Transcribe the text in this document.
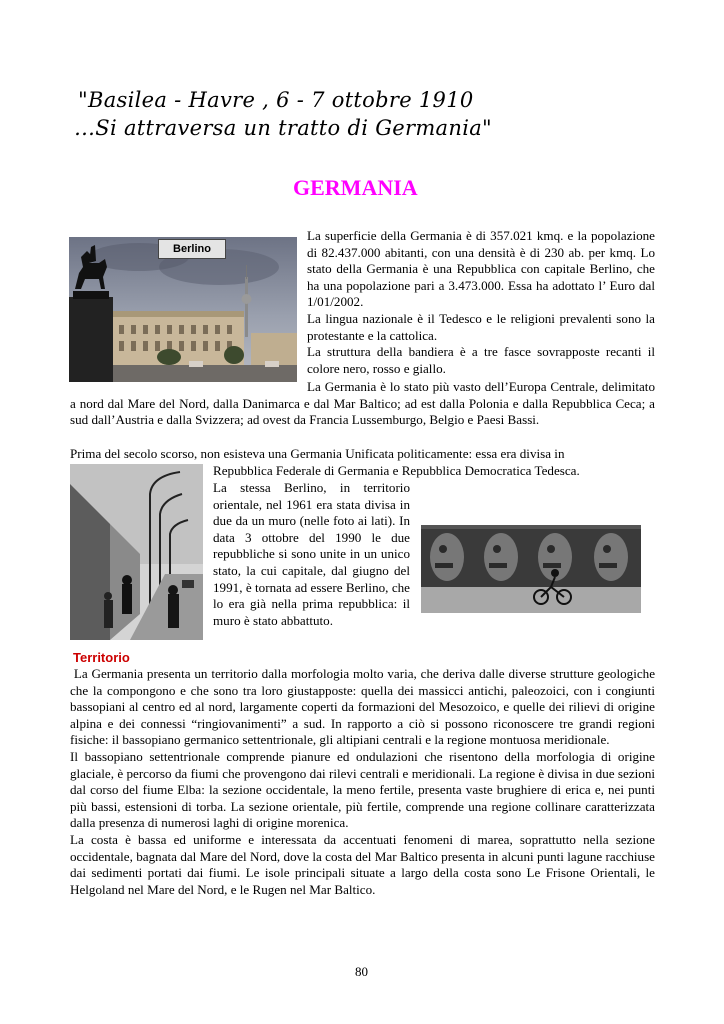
"Basilea - Havre , 6 - 7 ottobre 1910
…Si attraversa un tratto di Germania"
GERMANIA
Berlino
La superficie della Germania è di 357.021 kmq. e la popolazione di 82.437.000 abitanti, con una densità è di 230 ab. per kmq. Lo stato della Germania è una Repubblica con capitale Berlino, che ha una popolazione pari a 3.473.000. Essa ha adottato l’ Euro dal 1/01/2002.
La lingua nazionale è il Tedesco e le religioni prevalenti sono la protestante e la cattolica.
La struttura della bandiera è a tre fasce sovrapposte recanti il colore nero, rosso e giallo.
La Germania è lo stato più vasto dell’Europa Centrale, delimitato a nord dal Mare del Nord, dalla Danimarca e dal Mar Baltico; ad est dalla Polonia e dalla Repubblica Ceca; a sud dall’Austria e dalla Svizzera; ad ovest da Francia Lussemburgo, Belgio e Paesi Bassi.
Prima del secolo scorso, non esisteva una Germania Unificata politicamente: essa era divisa in
Repubblica Federale di Germania e Repubblica Democratica Tedesca.
La stessa Berlino, in territorio orientale, nel 1961 era stata divisa in due da un muro (nelle foto ai lati). In data 3 ottobre del 1990 le due repubbliche si sono unite in un unico stato, la cui capitale, dal giugno del 1991, è tornata ad essere Berlino, che lo era già nella prima repubblica: il muro è stato abbattuto.
Territorio
La Germania presenta un territorio dalla morfologia molto varia, che deriva dalle diverse strutture geologiche che la compongono e che sono tra loro giustapposte: quella dei massicci antichi, paleozoici, con i congiunti bassopiani al centro ed al nord, largamente coperti da formazioni del Mesozoico, e quelle dei rilievi di origine alpina e dei connessi “ringiovanimenti” a sud. In rapporto a ciò si possono riconoscere tre grandi regioni fisiche: il bassopiano germanico settentrionale, gli altipiani centrali e la regione montuosa meridionale.
Il bassopiano settentrionale comprende pianure ed ondulazioni che risentono della morfologia di origine glaciale, è percorso da fiumi che provengono dai rilevi centrali e meridionali. La regione è divisa in due sezioni dal corso del fiume Elba: la sezione occidentale, la meno fertile, presenta vaste brughiere di erica e, nei punti più bassi, estensioni di torba. La sezione orientale, più fertile, comprende una regione collinare caratterizzata dalla presenza di numerosi laghi di origine morenica.
La costa è bassa ed uniforme e interessata da accentuati fenomeni di marea, soprattutto nella sezione occidentale, bagnata dal Mare del Nord, dove la costa del Mar Baltico presenta in alcuni punti lagune racchiuse dai sedimenti portati dai fiumi. Le isole principali situate a largo della costa sono Le Frisone Orientali, le Helgoland nel Mare del Nord, e le Rugen nel Mar Baltico.
80
